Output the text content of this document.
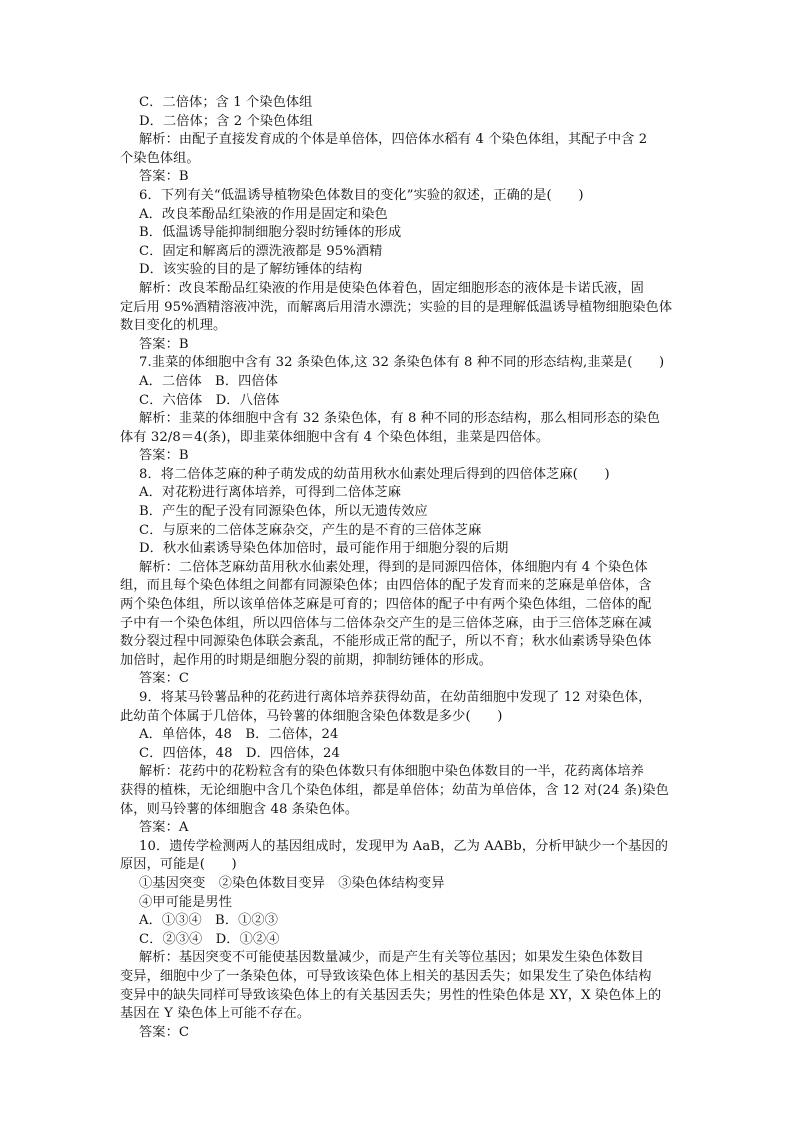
C．二倍体；含 1 个染色体组
D．二倍体；含 2 个染色体组
解析：由配子直接发育成的个体是单倍体，四倍体水稻有 4 个染色体组，其配子中含 2
个染色体组。
答案：B
6．下列有关“低温诱导植物染色体数目的变化”实验的叙述，正确的是(　　)
A．改良苯酚品红染液的作用是固定和染色
B．低温诱导能抑制细胞分裂时纺锤体的形成
C．固定和解离后的漂洗液都是 95%酒精
D．该实验的目的是了解纺锤体的结构
解析：改良苯酚品红染液的作用是使染色体着色，固定细胞形态的液体是卡诺氏液，固
定后用 95%酒精溶液冲洗，而解离后用清水漂洗；实验的目的是理解低温诱导植物细胞染色体
数目变化的机理。
答案：B
7.韭菜的体细胞中含有 32 条染色体,这 32 条染色体有 8 种不同的形态结构,韭菜是(　　)
A．二倍体　B．四倍体
C．六倍体　D．八倍体
解析：韭菜的体细胞中含有 32 条染色体，有 8 种不同的形态结构，那么相同形态的染色
体有 32/8＝4(条)，即韭菜体细胞中含有 4 个染色体组，韭菜是四倍体。
答案：B
8．将二倍体芝麻的种子萌发成的幼苗用秋水仙素处理后得到的四倍体芝麻(　　)
A．对花粉进行离体培养，可得到二倍体芝麻
B．产生的配子没有同源染色体，所以无遗传效应
C．与原来的二倍体芝麻杂交，产生的是不育的三倍体芝麻
D．秋水仙素诱导染色体加倍时，最可能作用于细胞分裂的后期
解析：二倍体芝麻幼苗用秋水仙素处理，得到的是同源四倍体，体细胞内有 4 个染色体
组，而且每个染色体组之间都有同源染色体；由四倍体的配子发育而来的芝麻是单倍体，含
两个染色体组，所以该单倍体芝麻是可育的；四倍体的配子中有两个染色体组，二倍体的配
子中有一个染色体组，所以四倍体与二倍体杂交产生的是三倍体芝麻，由于三倍体芝麻在减
数分裂过程中同源染色体联会紊乱，不能形成正常的配子，所以不育；秋水仙素诱导染色体
加倍时，起作用的时期是细胞分裂的前期，抑制纺锤体的形成。
答案：C
9．将某马铃薯品种的花药进行离体培养获得幼苗，在幼苗细胞中发现了 12 对染色体，
此幼苗个体属于几倍体，马铃薯的体细胞含染色体数是多少(　　)
A．单倍体，48　B．二倍体，24
C．四倍体，48　D．四倍体，24
解析：花药中的花粉粒含有的染色体数只有体细胞中染色体数目的一半，花药离体培养
获得的植株，无论细胞中含几个染色体组，都是单倍体；幼苗为单倍体，含 12 对(24 条)染色
体，则马铃薯的体细胞含 48 条染色体。
答案：A
10．遗传学检测两人的基因组成时，发现甲为 AaB，乙为 AABb，分析甲缺少一个基因的
原因，可能是(　　)
①基因突变　②染色体数目变异　③染色体结构变异
④甲可能是男性
A．①③④　B．①②③
C．②③④　D．①②④
解析：基因突变不可能使基因数量减少，而是产生有关等位基因；如果发生染色体数目
变异，细胞中少了一条染色体，可导致该染色体上相关的基因丢失；如果发生了染色体结构
变异中的缺失同样可导致该染色体上的有关基因丢失；男性的性染色体是 XY，X 染色体上的
基因在 Y 染色体上可能不存在。
答案：C
